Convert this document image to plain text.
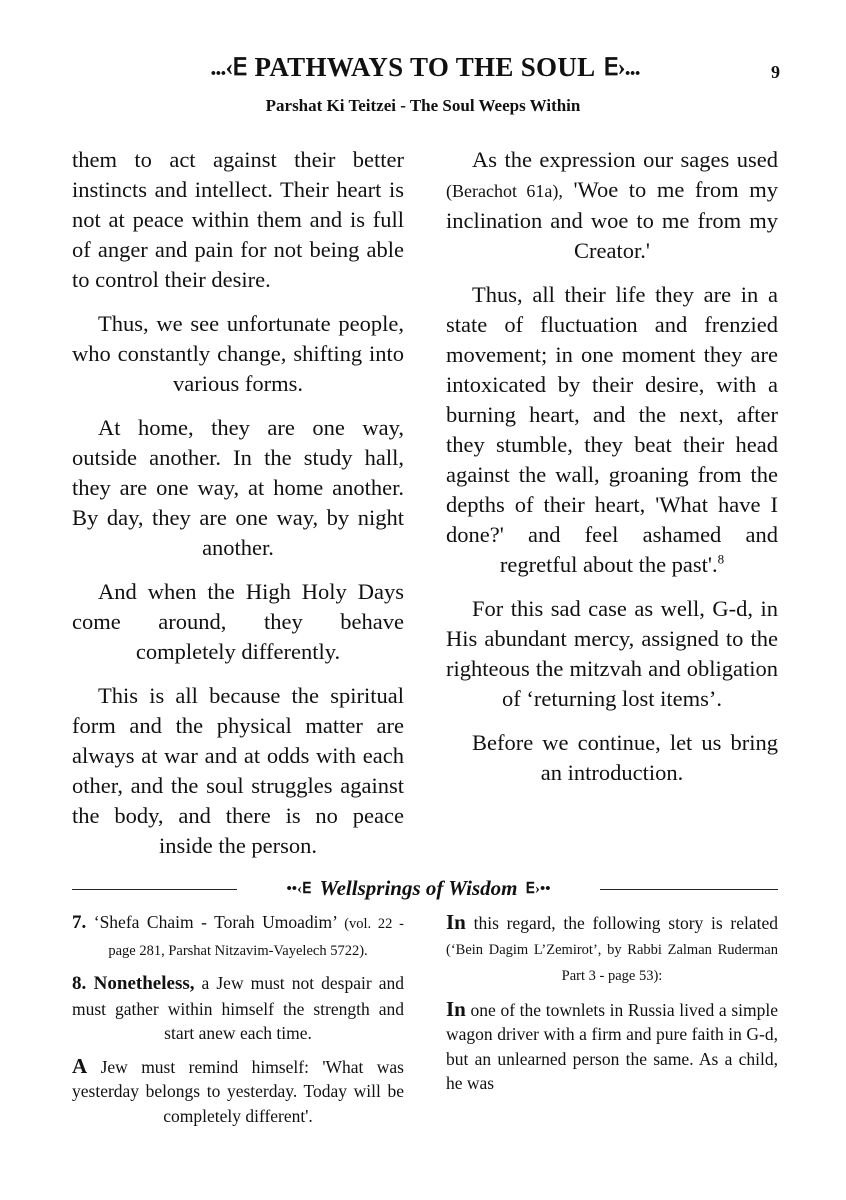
...‹ⴹ PATHWAYS TO THE SOUL ⴹ›...	9
Parshat Ki Teitzei - The Soul Weeps Within

them to act against their better instincts and intellect. Their heart is not at peace within them and is full of anger and pain for not being able to control their desire.

Thus, we see unfortunate people, who constantly change, shifting into various forms.

At home, they are one way, outside another. In the study hall, they are one way, at home another. By day, they are one way, by night another.

And when the High Holy Days come around, they behave completely differently.

This is all because the spiritual form and the physical matter are always at war and at odds with each other, and the soul struggles against the body, and there is no peace inside the person.

As the expression our sages used (Berachot 61a), 'Woe to me from my inclination and woe to me from my Creator.'

Thus, all their life they are in a state of fluctuation and frenzied movement; in one moment they are intoxicated by their desire, with a burning heart, and the next, after they stumble, they beat their head against the wall, groaning from the depths of their heart, 'What have I done?' and feel ashamed and regretful about the past'.$^8$

For this sad case as well, G-d, in His abundant mercy, assigned to the righteous the mitzvah and obligation of ‘returning lost items’.

Before we continue, let us bring an introduction.

••‹ⴹ Wellsprings of Wisdom ⴹ›••

7. ‘Shefa Chaim - Torah Umoadim’ (vol. 22 - page 281, Parshat Nitzavim-Vayelech 5722).

8. Nonetheless, a Jew must not despair and must gather within himself the strength and start anew each time.

A Jew must remind himself: 'What was yesterday belongs to yesterday. Today will be completely different'.

In this regard, the following story is related (‘Bein Dagim L’Zemirot’, by Rabbi Zalman Ruderman Part 3 - page 53):

In one of the townlets in Russia lived a simple wagon driver with a firm and pure faith in G-d, but an unlearned person the same. As a child, he was
